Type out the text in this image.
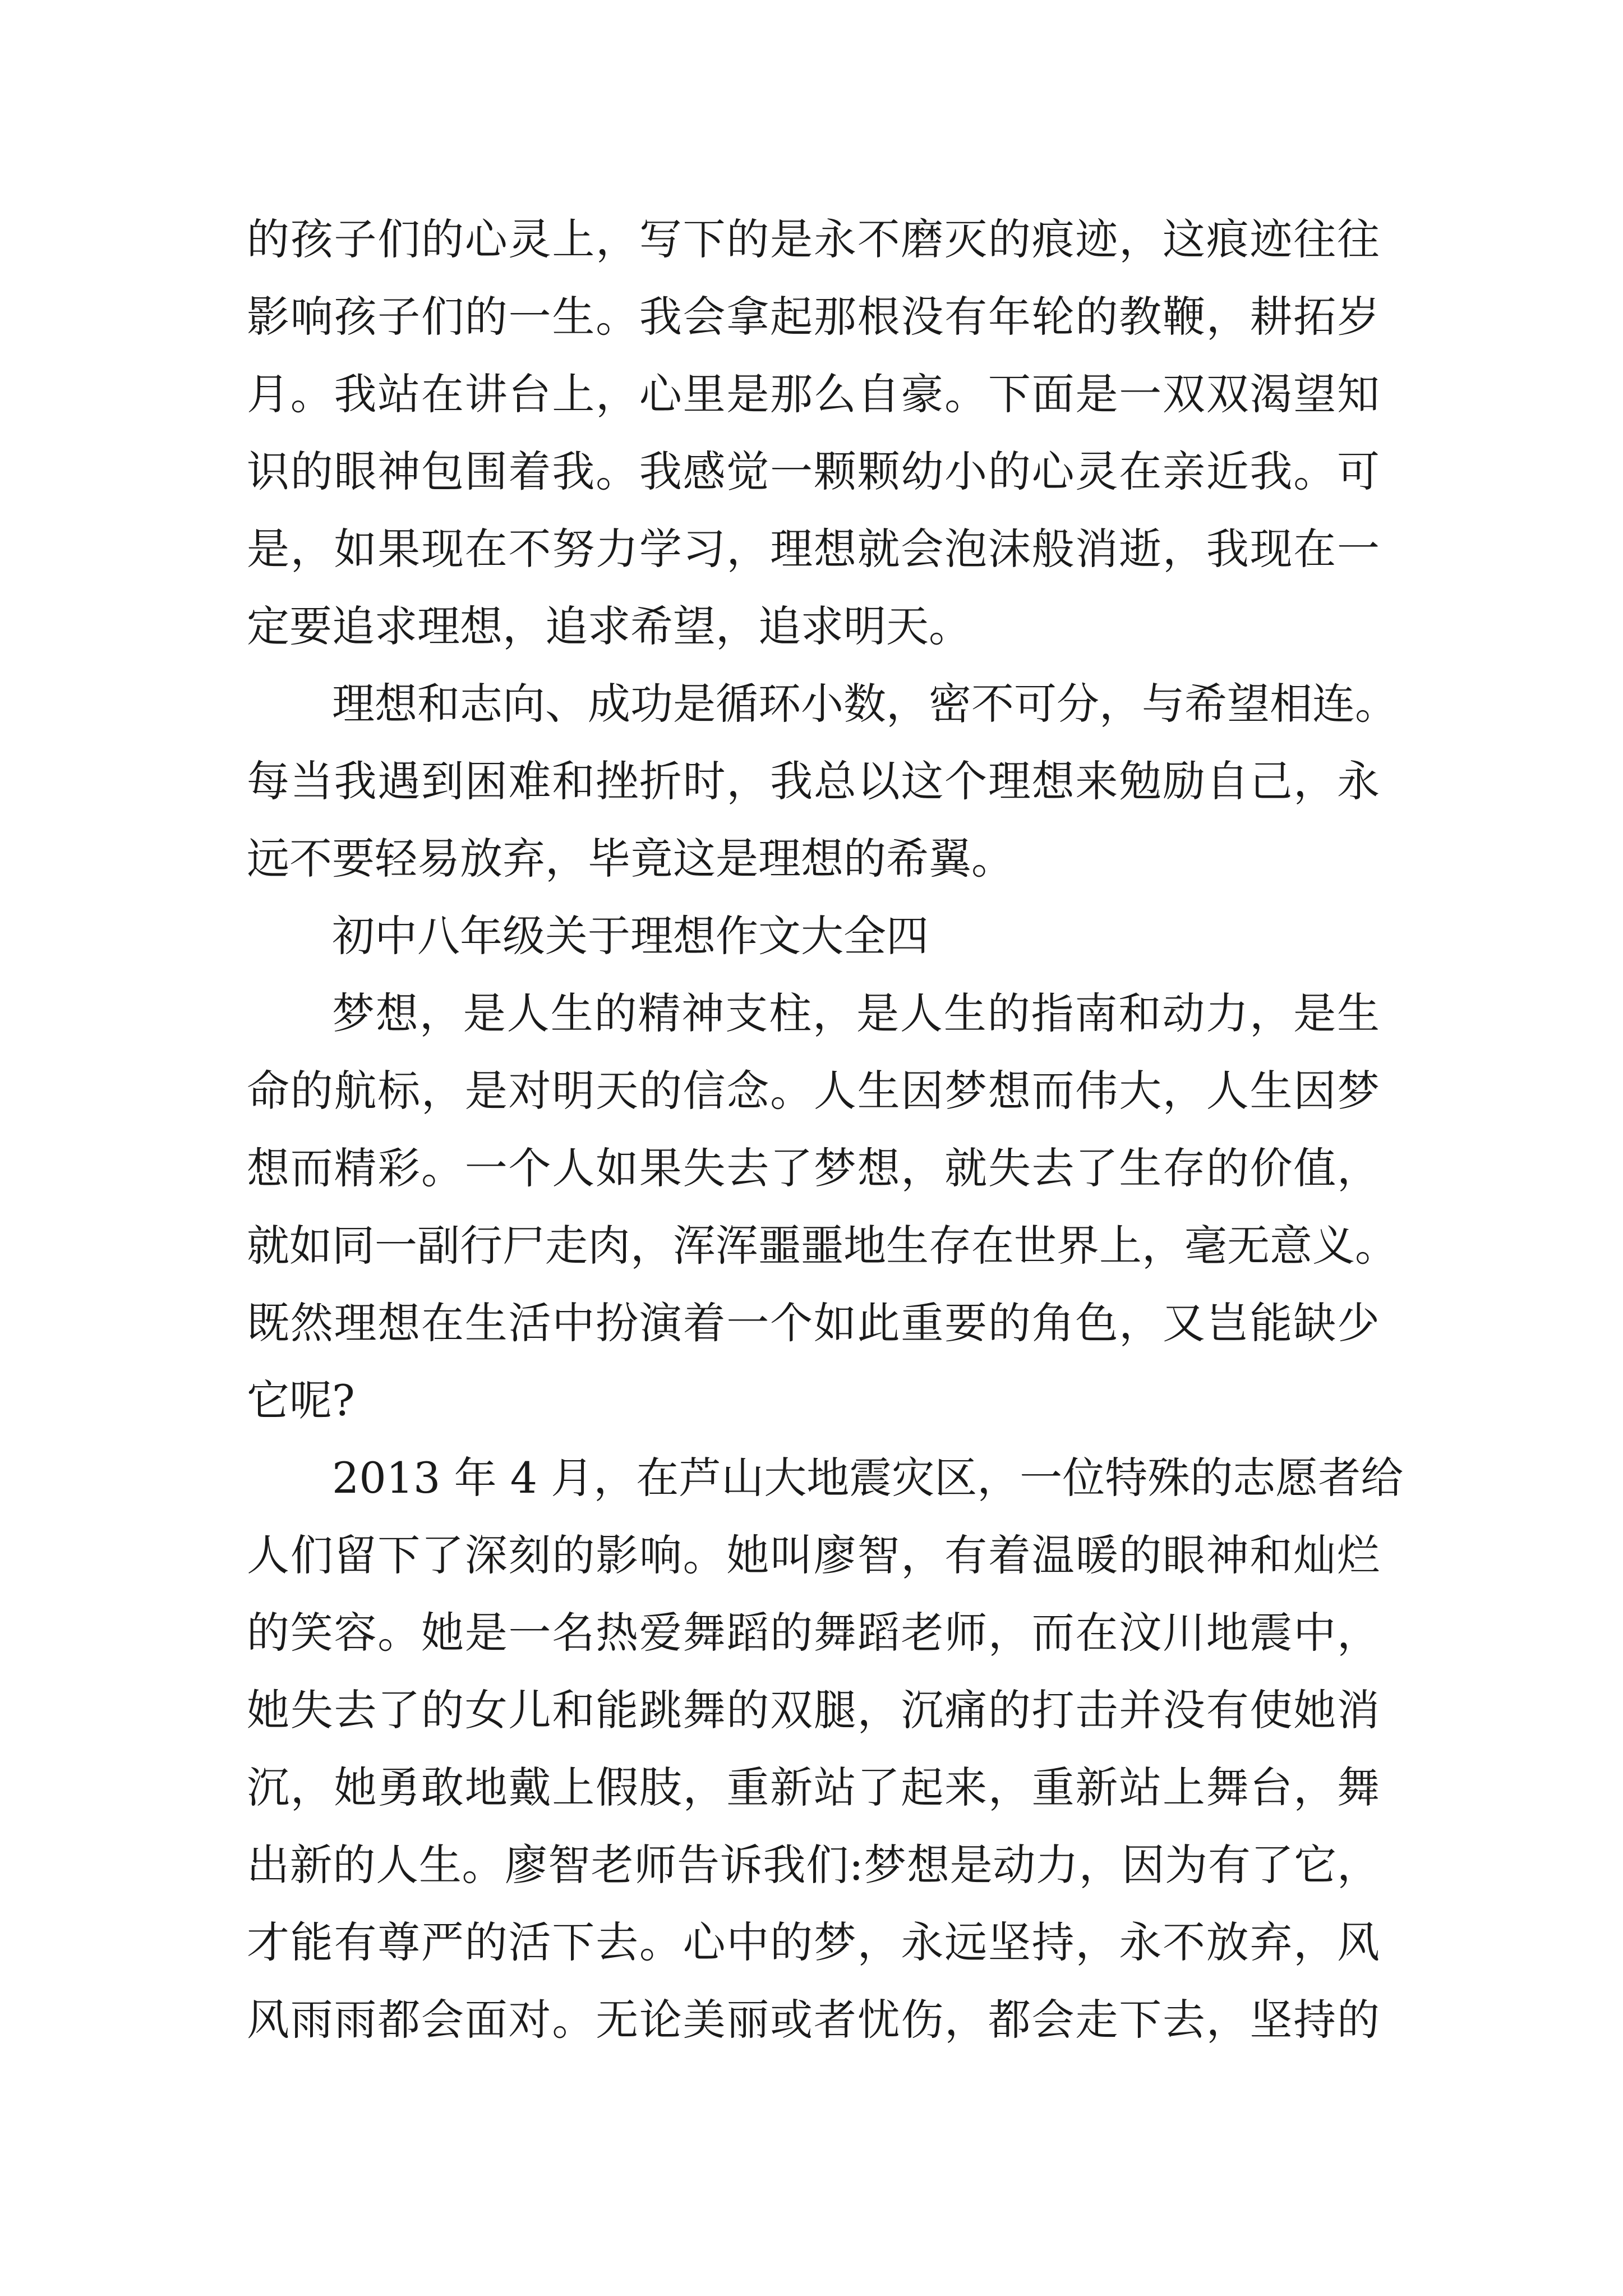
的孩子们的心灵上，写下的是永不磨灭的痕迹，这痕迹往往
影响孩子们的一生。我会拿起那根没有年轮的教鞭，耕拓岁
月。我站在讲台上，心里是那么自豪。下面是一双双渴望知
识的眼神包围着我。我感觉一颗颗幼小的心灵在亲近我。可
是，如果现在不努力学习，理想就会泡沫般消逝，我现在一
定要追求理想，追求希望，追求明天。
理想和志向、成功是循环小数，密不可分，与希望相连。
每当我遇到困难和挫折时，我总以这个理想来勉励自己，永
远不要轻易放弃，毕竟这是理想的希翼。
初中八年级关于理想作文大全四
梦想，是人生的精神支柱，是人生的指南和动力，是生
命的航标，是对明天的信念。人生因梦想而伟大，人生因梦
想而精彩。一个人如果失去了梦想，就失去了生存的价值，
就如同一副行尸走肉，浑浑噩噩地生存在世界上，毫无意义。
既然理想在生活中扮演着一个如此重要的角色，又岂能缺少
它呢?
2013 年 4 月，在芦山大地震灾区，一位特殊的志愿者给
人们留下了深刻的影响。她叫廖智，有着温暖的眼神和灿烂
的笑容。她是一名热爱舞蹈的舞蹈老师，而在汶川地震中，
她失去了的女儿和能跳舞的双腿，沉痛的打击并没有使她消
沉，她勇敢地戴上假肢，重新站了起来，重新站上舞台，舞
出新的人生。廖智老师告诉我们:梦想是动力，因为有了它，
才能有尊严的活下去。心中的梦，永远坚持，永不放弃，风
风雨雨都会面对。无论美丽或者忧伤，都会走下去，坚持的
